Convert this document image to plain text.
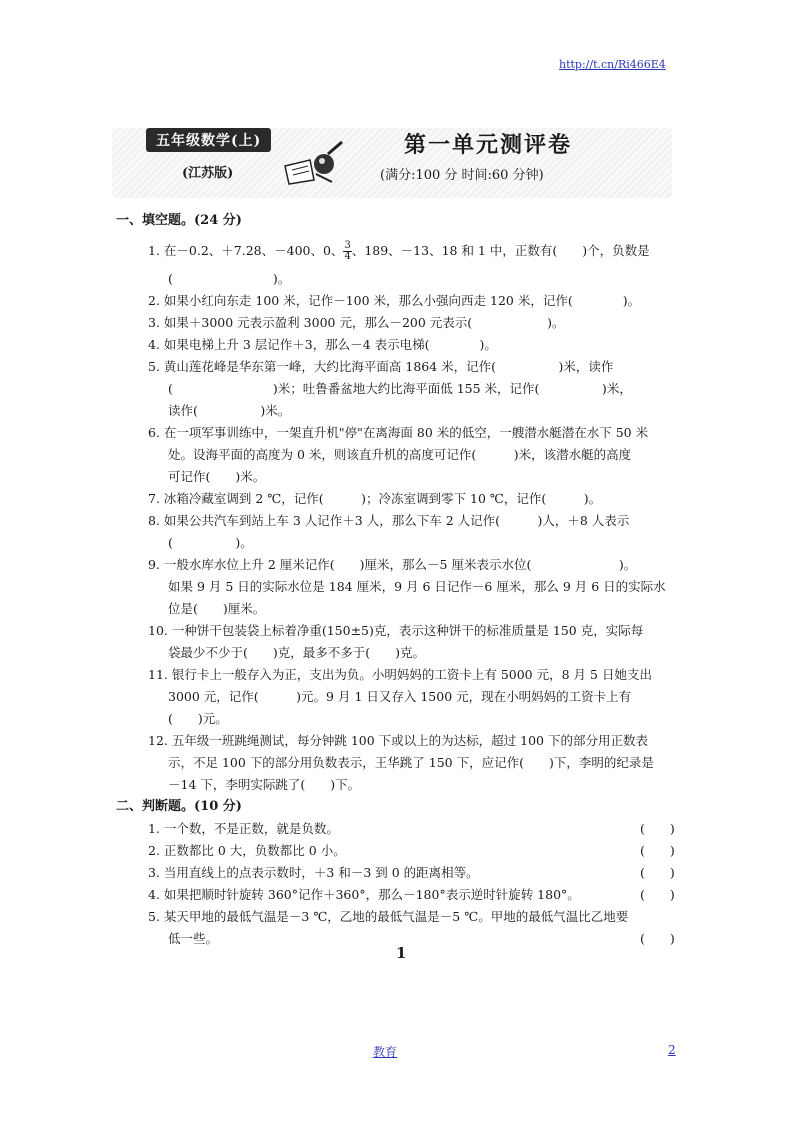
http://t.cn/Ri466E4
五年级数学(上)
(江苏版)
第一单元测评卷
(满分:100 分 时间:60 分钟)
一、填空题。(24 分)
1. 在－0.2、＋7.28、－400、0、 $\frac{3}{4}$ 、189、－13、18 和 1 中，正数有(　　)个，负数是
(　　　　　　　　)。
2. 如果小红向东走 100 米，记作－100 米，那么小强向西走 120 米，记作(　　　　)。
3. 如果＋3000 元表示盈利 3000 元，那么－200 元表示(　　　　　　)。
4. 如果电梯上升 3 层记作＋3，那么－4 表示电梯(　　　　)。
5. 黄山莲花峰是华东第一峰，大约比海平面高 1864 米，记作(　　　　　)米，读作
(　　　　　　　　)米；吐鲁番盆地大约比海平面低 155 米，记作(　　　　　)米，
读作(　　　　　)米。
6. 在一项军事训练中，一架直升机"停"在离海面 80 米的低空，一艘潜水艇潜在水下 50 米
处。设海平面的高度为 0 米，则该直升机的高度可记作(　　　)米，该潜水艇的高度
可记作(　　)米。
7. 冰箱冷藏室调到 2 ℃，记作(　　　)；冷冻室调到零下 10 ℃，记作(　　　)。
8. 如果公共汽车到站上车 3 人记作＋3 人，那么下车 2 人记作(　　　)人，＋8 人表示
(　　　　　)。
9. 一般水库水位上升 2 厘米记作(　　)厘米，那么－5 厘米表示水位(　　　　　　　)。
如果 9 月 5 日的实际水位是 184 厘米，9 月 6 日记作－6 厘米，那么 9 月 6 日的实际水
位是(　　)厘米。
10. 一种饼干包装袋上标着净重(150±5)克，表示这种饼干的标准质量是 150 克，实际每
袋最少不少于(　　)克，最多不多于(　　)克。
11. 银行卡上一般存入为正，支出为负。小明妈妈的工资卡上有 5000 元，8 月 5 日她支出
3000 元，记作(　　　)元。9 月 1 日又存入 1500 元，现在小明妈妈的工资卡上有
(　　)元。
12. 五年级一班跳绳测试，每分钟跳 100 下或以上的为达标，超过 100 下的部分用正数表
示，不足 100 下的部分用负数表示，王华跳了 150 下，应记作(　　)下，李明的纪录是
－14 下，李明实际跳了(　　)下。
二、判断题。(10 分)
1. 一个数，不是正数，就是负数。	(　　)
2. 正数都比 0 大，负数都比 0 小。	(　　)
3. 当用直线上的点表示数时，＋3 和－3 到 0 的距离相等。	(　　)
4. 如果把顺时针旋转 360°记作＋360°，那么－180°表示逆时针旋转 180°。	(　　)
5. 某天甲地的最低气温是－3 ℃，乙地的最低气温是－5 ℃。甲地的最低气温比乙地要
低一些。	(　　)
1
教育	2
